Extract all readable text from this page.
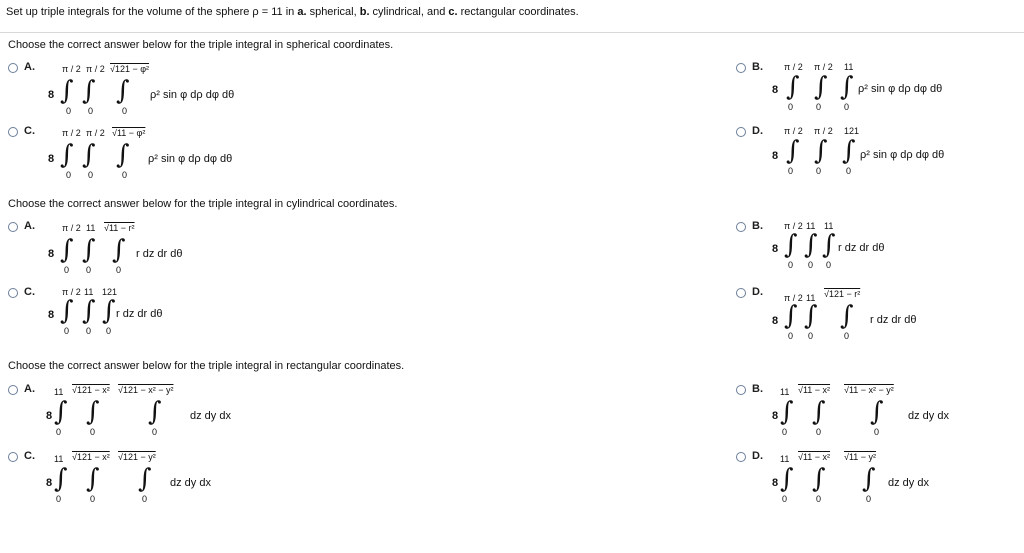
Set up triple integrals for the volume of the sphere ρ = 11 in a. spherical, b. cylindrical, and c. rectangular coordinates.
Choose the correct answer below for the triple integral in spherical coordinates.
A.	π / 2 π / 2 √121 − φ²
8 ∫ ∫ ∫ ρ² sin φ dρ dφ dθ
0 0	0
B. π / 2 π / 2 11
8 ∫ ∫ ∫ ρ² sin φ dρ dφ dθ
0	0	0
C.	π / 2 π / 2 √11 − φ²
8 ∫ ∫ ∫ ρ² sin φ dρ dφ dθ
0 0	0
D. π / 2 π / 2 121
8 ∫ ∫ ∫ ρ² sin φ dρ dφ dθ
0	0	0
Choose the correct answer below for the triple integral in cylindrical coordinates.
A.	π / 2 11 √11 − r²
8 ∫ ∫ ∫ r dz dr dθ
0 0	0
B. π / 2 11 11
8 ∫ ∫ ∫ r dz dr dθ
0 0 0
C.	π / 2 11 121
8 ∫ ∫ ∫ r dz dr dθ
0 0 0
D. π / 2 11 √121 − r²
8 ∫ ∫ ∫ r dz dr dθ
0 0	0
Choose the correct answer below for the triple integral in rectangular coordinates.
A. 11 √121 − x² √121 − x² − y²
8 ∫ ∫ ∫	dz dy dx
0	0	0
B. 11 √11 − x² √11 − x² − y²
8 ∫ ∫ ∫ dz dy dx
0	0	0
C. 11 √121 − x² √121 − y²
8 ∫ ∫ ∫ dz dy dx
0	0	0
D. 11 √11 − x² √11 − y²
8 ∫ ∫ ∫ dz dy dx
0	0	0
